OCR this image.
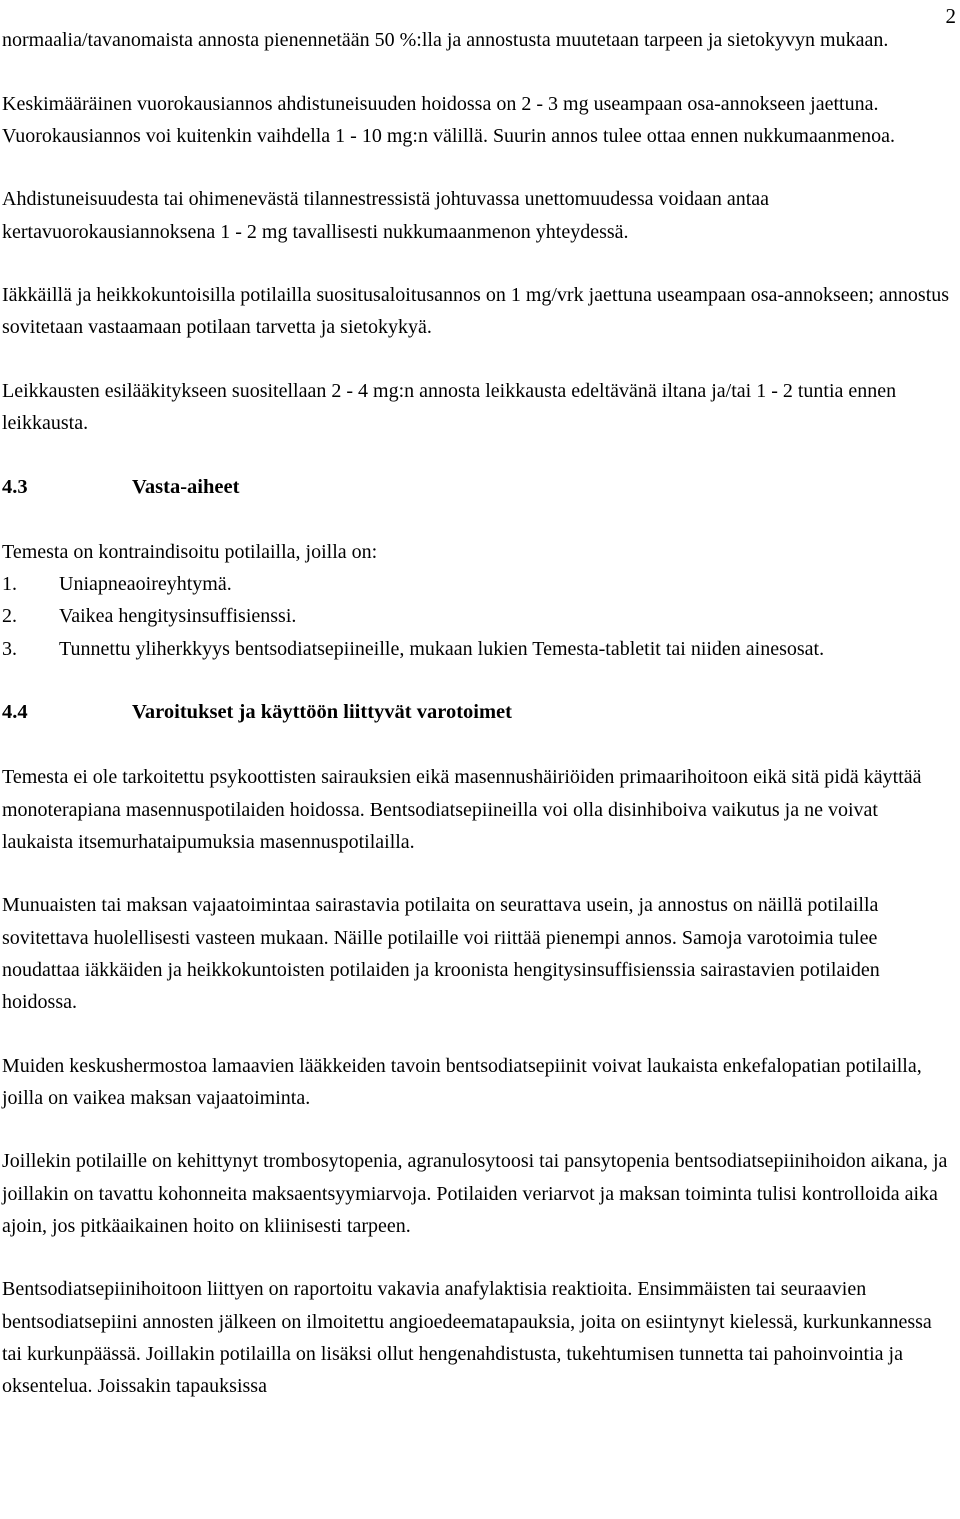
2

normaalia/tavanomaista annosta pienennetään 50 %:lla ja annostusta muutetaan tarpeen ja sietokyvyn mukaan.

Keskimääräinen vuorokausiannos ahdistuneisuuden hoidossa on 2 - 3 mg useampaan osa-annokseen jaettuna. Vuorokausiannos voi kuitenkin vaihdella 1 - 10 mg:n välillä. Suurin annos tulee ottaa ennen nukkumaanmenoa.

Ahdistuneisuudesta tai ohimenevästä tilannestressistä johtuvassa unettomuudessa voidaan antaa kertavuorokausiannoksena 1 - 2 mg tavallisesti nukkumaanmenon yhteydessä.

Iäkkäillä ja heikkokuntoisilla potilailla suositusaloitusannos on 1 mg/vrk jaettuna useampaan osa-annokseen; annostus sovitetaan vastaamaan potilaan tarvetta ja sietokykyä.

Leikkausten esilääkitykseen suositellaan 2 - 4 mg:n annosta leikkausta edeltävänä iltana ja/tai 1 - 2 tuntia ennen leikkausta.

4.3	Vasta-aiheet

Temesta on kontraindisoitu potilailla, joilla on:

1.	Uniapneaoireyhtymä.
2.	Vaikea hengitysinsuffisienssi.
3.	Tunnettu yliherkkyys bentsodiatsepiineille, mukaan lukien Temesta-tabletit tai niiden ainesosat.
4.4	Varoitukset ja käyttöön liittyvät varotoimet

Temesta ei ole tarkoitettu psykoottisten sairauksien eikä masennushäiriöiden primaarihoitoon eikä sitä pidä käyttää monoterapiana masennuspotilaiden hoidossa. Bentsodiatsepiineilla voi olla disinhiboiva vaikutus ja ne voivat laukaista itsemurhataipumuksia masennuspotilailla.

Munuaisten tai maksan vajaatoimintaa sairastavia potilaita on seurattava usein, ja annostus on näillä potilailla sovitettava huolellisesti vasteen mukaan. Näille potilaille voi riittää pienempi annos. Samoja varotoimia tulee noudattaa iäkkäiden ja heikkokuntoisten potilaiden ja kroonista hengitysinsuffisienssia sairastavien potilaiden hoidossa.

Muiden keskushermostoa lamaavien lääkkeiden tavoin bentsodiatsepiinit voivat laukaista enkefalopatian potilailla, joilla on vaikea maksan vajaatoiminta.

Joillekin potilaille on kehittynyt trombosytopenia, agranulosytoosi tai pansytopenia bentsodiatsepiinihoidon aikana, ja joillakin on tavattu kohonneita maksaentsyymiarvoja. Potilaiden veriarvot ja maksan toiminta tulisi kontrolloida aika ajoin, jos pitkäaikainen hoito on kliinisesti tarpeen.

Bentsodiatsepiinihoitoon liittyen on raportoitu vakavia anafylaktisia reaktioita. Ensimmäisten tai seuraavien bentsodiatsepiini annosten jälkeen on ilmoitettu angioedeematapauksia, joita on esiintynyt kielessä, kurkunkannessa tai kurkunpäässä. Joillakin potilailla on lisäksi ollut hengenahdistusta, tukehtumisen tunnetta tai pahoinvointia ja oksentelua. Joissakin tapauksissa
